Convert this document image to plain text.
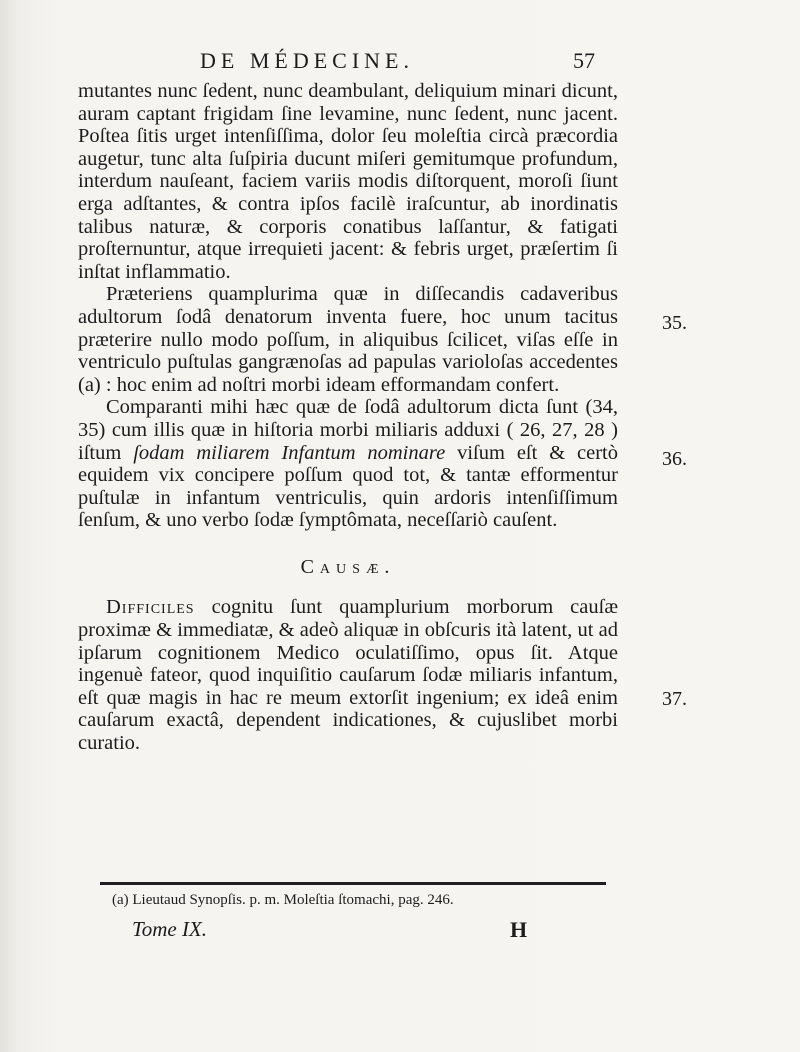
DE MÉDECINE.	57

mutantes nunc ſedent, nunc deambulant, deliquium minari dicunt, auram captant frigidam ſine levamine, nunc ſedent, nunc jacent. Poſtea ſitis urget intenſiſſima, dolor ſeu moleſtia circà præcordia augetur, tunc alta ſuſpiria ducunt miſeri gemitumque profundum, interdum nauſeant, faciem variis modis diſtorquent, moroſi ſiunt erga adſtantes, & contra ipſos facilè iraſcuntur, ab inordinatis talibus naturæ, & corporis conatibus laſſantur, & fatigati proſternuntur, atque irrequieti jacent: & febris urget, præſertim ſi inſtat inflammatio.

Præteriens quamplurima quæ in diſſecandis cadaveribus adultorum ſodâ denatorum inventa fuere, hoc unum tacitus præterire nullo modo poſſum, in aliquibus ſcilicet, viſas eſſe in ventriculo puſtulas gangrænoſas ad papulas varioloſas accedentes (a) : hoc enim ad noſtri morbi ideam efformandam confert.

Comparanti mihi hæc quæ de ſodâ adultorum dicta ſunt (34, 35) cum illis quæ in hiſtoria morbi miliaris adduxi ( 26, 27, 28 ) iſtum ſodam miliarem Infantum nominare viſum eſt & certò equidem vix concipere poſſum quod tot, & tantæ efformentur puſtulæ in infantum ventriculis, quin ardoris intenſiſſimum ſenſum, & uno verbo ſodæ ſymptômata, neceſſariò cauſent.

Causæ.

Difficiles cognitu ſunt quamplurium morborum cauſæ proximæ & immediatæ, & adeò aliquæ in obſcuris ità latent, ut ad ipſarum cognitionem Medico oculatiſſimo, opus ſit. Atque ingenuè fateor, quod inquiſitio cauſarum ſodæ miliaris infantum, eſt quæ magis in hac re meum extorſit ingenium; ex ideâ enim cauſarum exactâ, dependent indicationes, & cujuslibet morbi curatio.

35.
36.
37.
(a) Lieutaud Synopſis. p. m. Moleſtia ſtomachi, pag. 246.
Tome IX.	H
